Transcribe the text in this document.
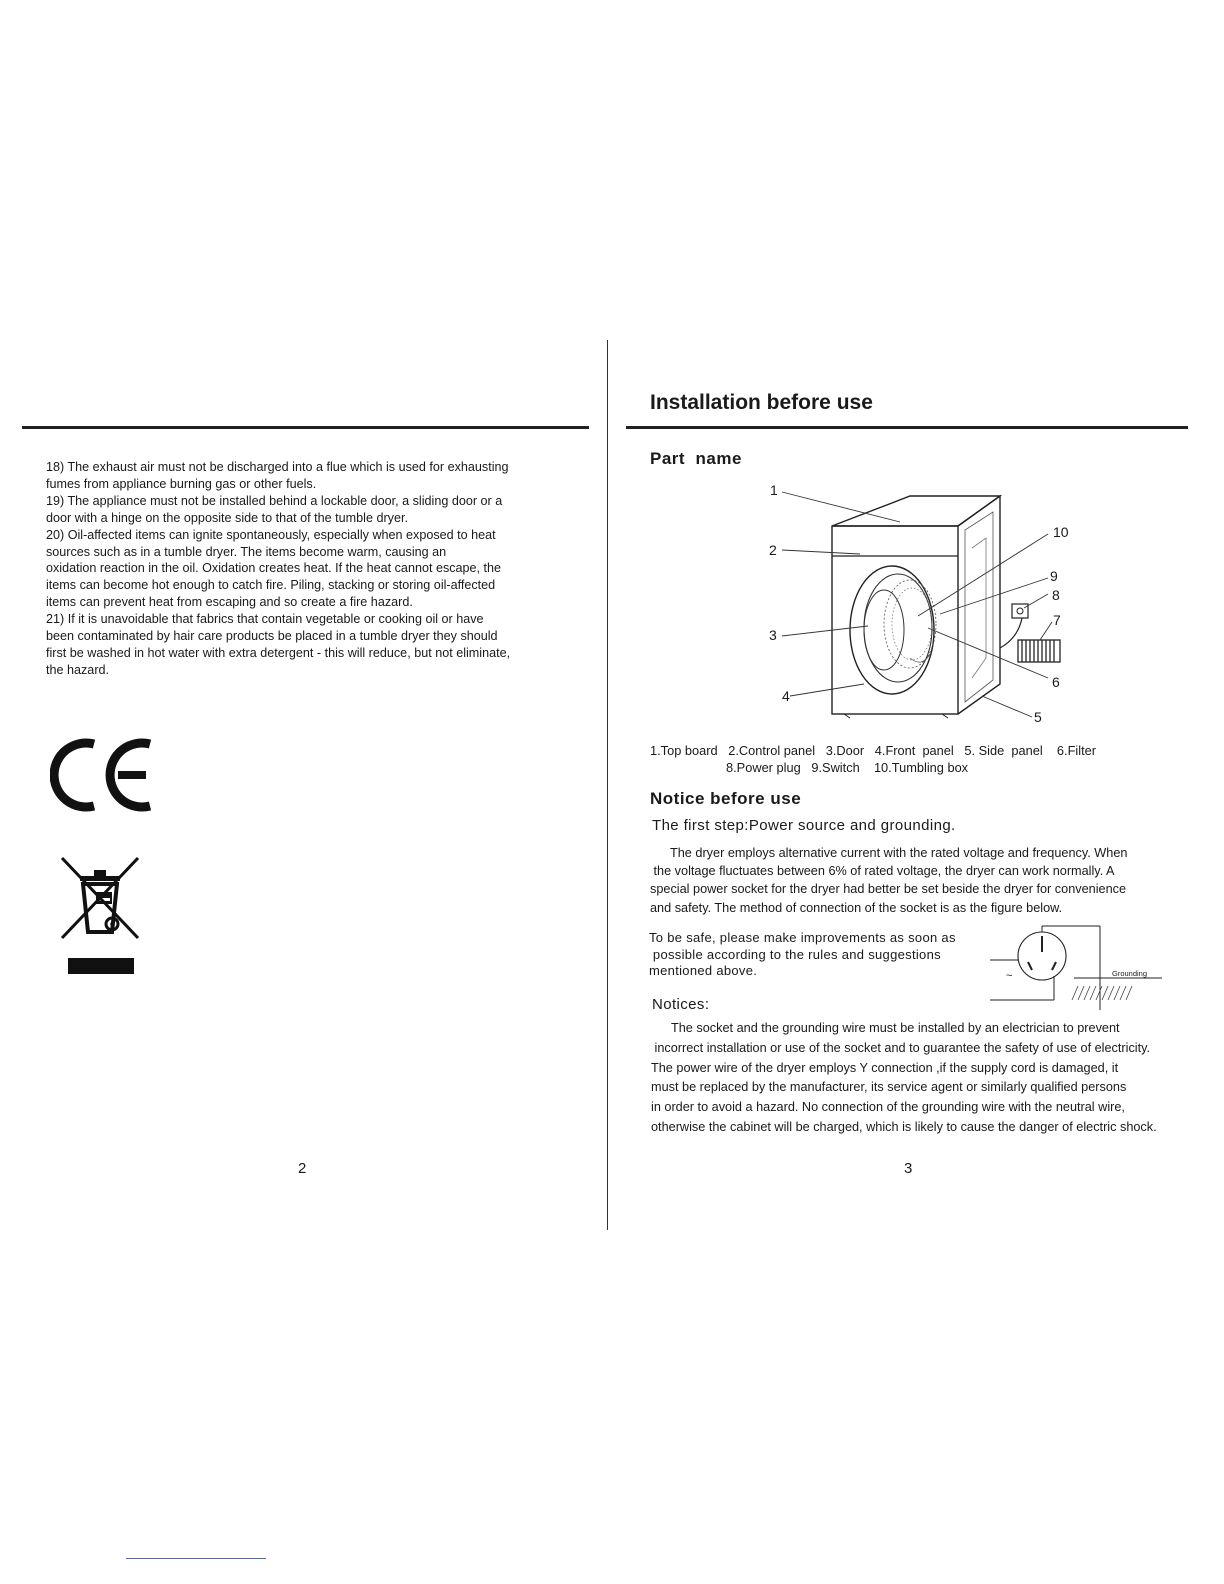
18) The exhaust air must not be discharged into a flue which is used for exhausting
fumes from appliance burning gas or other fuels.
19) The appliance must not be installed behind a lockable door, a sliding door or a
door with a hinge on the opposite side to that of the tumble dryer.
20) Oil-affected items can ignite spontaneously, especially when exposed to heat
sources such as in a tumble dryer. The items become warm, causing an
oxidation reaction in the oil. Oxidation creates heat. If the heat cannot escape, the
items can become hot enough to catch fire. Piling, stacking or storing oil-affected
items can prevent heat from escaping and so create a fire hazard.
21) If it is unavoidable that fabrics that contain vegetable or cooking oil or have
been contaminated by hair care products be placed in a tumble dryer they should
first be washed in hot water with extra detergent - this will reduce, but not eliminate,
the hazard.
2
Installation before use
Part  name
1
2
3
4
5
6
7
8
9
10
1.Top board   2.Control panel   3.Door   4.Front  panel   5. Side  panel    6.Filter
8.Power plug   9.Switch    10.Tumbling box
Notice before use
The first step:Power source and grounding.
The dryer employs alternative current with the rated voltage and frequency. When
the voltage fluctuates between 6% of rated voltage, the dryer can work normally. A
special power socket for the dryer had better be set beside the dryer for convenience
and safety. The method of connection of the socket is as the figure below.
To be safe, please make improvements as soon as
possible according to the rules and suggestions
mentioned above.	~	Grounding
Notices:
The socket and the grounding wire must be installed by an electrician to prevent
incorrect installation or use of the socket and to guarantee the safety of use of electricity.
The power wire of the dryer employs Y connection ,if the supply cord is damaged, it
must be replaced by the manufacturer, its service agent or similarly qualified persons
in order to avoid a hazard. No connection of the grounding wire with the neutral wire,
otherwise the cabinet will be charged, which is likely to cause the danger of electric shock.
3
